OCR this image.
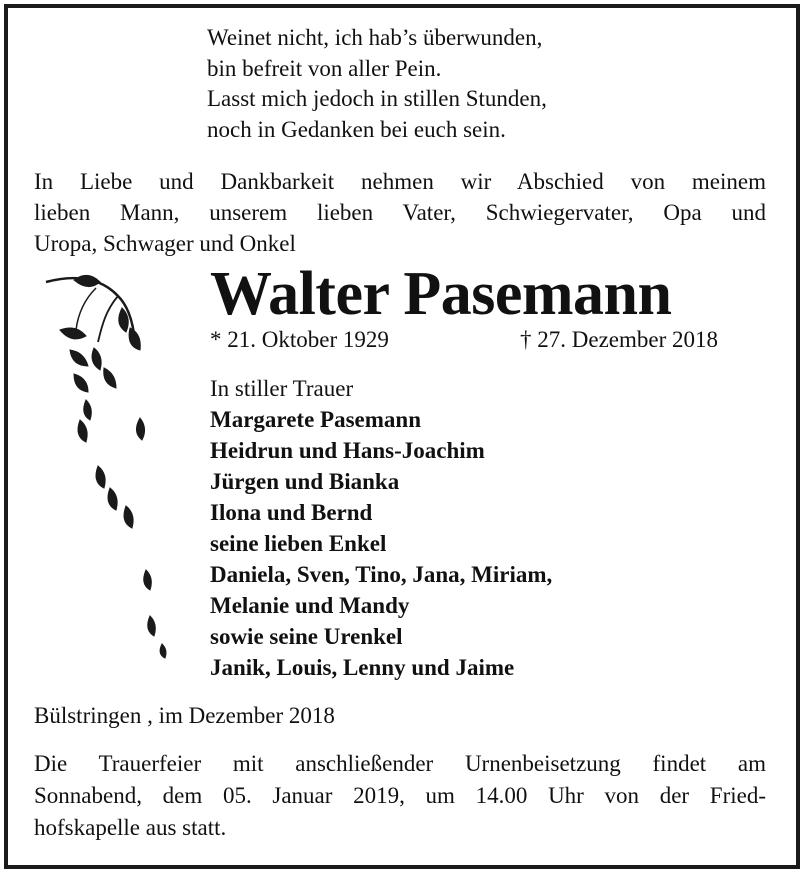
Weinet nicht, ich hab’s überwunden,
bin befreit von aller Pein.
Lasst mich jedoch in stillen Stunden,
noch in Gedanken bei euch sein.
In Liebe und Dankbarkeit nehmen wir Abschied von meinem
lieben Mann, unserem lieben Vater, Schwiegervater, Opa und
Uropa, Schwager und Onkel
Walter Pasemann
* 21. Oktober 1929	† 27. Dezember 2018
In stiller Trauer
Margarete Pasemann
Heidrun und Hans-Joachim
Jürgen und Bianka
Ilona und Bernd
seine lieben Enkel
Daniela, Sven, Tino, Jana, Miriam,
Melanie und Mandy
sowie seine Urenkel
Janik, Louis, Lenny und Jaime
Bülstringen , im Dezember 2018
Die Trauerfeier mit anschließender Urnenbeisetzung findet am
Sonnabend, dem 05. Januar 2019, um 14.00 Uhr von der Fried-
hofskapelle aus statt.
